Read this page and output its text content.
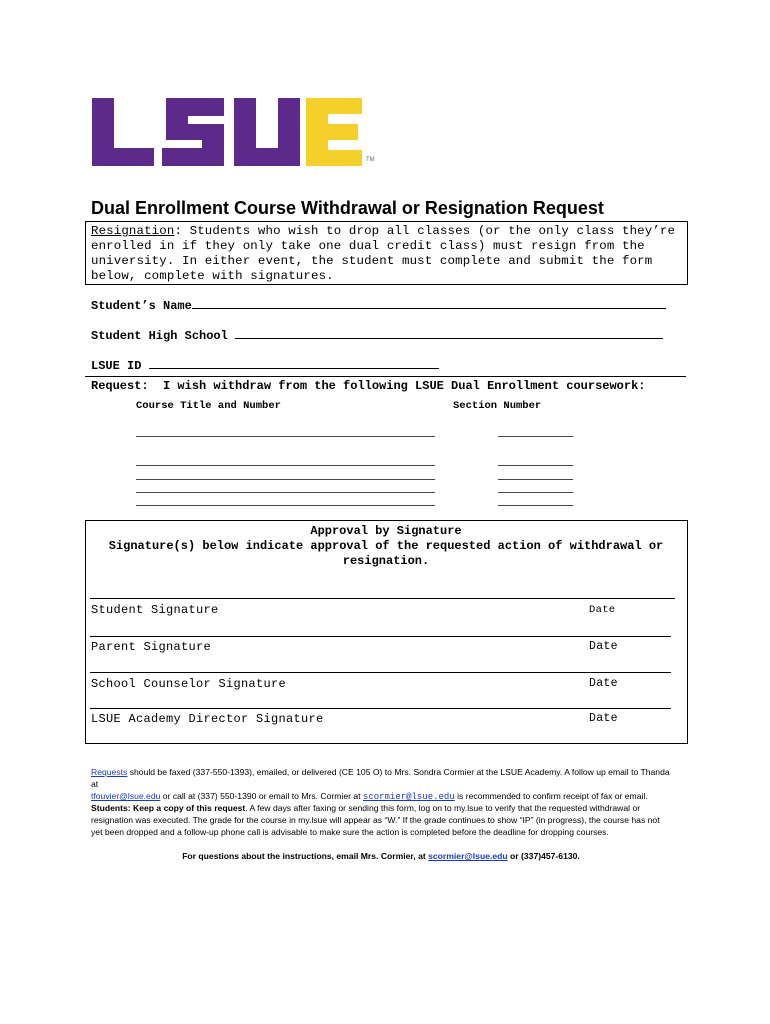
TM
Dual Enrollment Course Withdrawal or Resignation Request

Resignation: Students who wish to drop all classes (or the only class they’re
enrolled in if they only take one dual credit class) must resign from the
university. In either event, the student must complete and submit the form
below, complete with signatures.

Student’s Name
Student High School
LSUE ID
Request:  I wish withdraw from the following LSUE Dual Enrollment coursework:
Course Title and Number	Section Number
Approval by Signature
Signature(s) below indicate approval of the requested action of withdrawal or
resignation.
Student Signature	Date
Parent Signature	Date
School Counselor Signature	Date
LSUE Academy Director Signature	Date
Requests should be faxed (337-550-1393), emailed, or delivered (CE 105 O) to Mrs. Sondra Cormier at the LSUE Academy. A follow up email to Thanda at
tfouvier@lsue.edu or call at (337) 550-1390 or email to Mrs. Cormier at scormier@lsue.edu is recommended to confirm receipt of fax or email.
Students: Keep a copy of this request. A few days after faxing or sending this form, log on to my.lsue to verify that the requested withdrawal or resignation was executed. The grade for the course in my.lsue will appear as “W.” If the grade continues to show “IP” (in progress), the course has not yet been dropped and a follow-up phone call is advisable to make sure the action is completed before the deadline for dropping courses.
For questions about the instructions, email Mrs. Cormier, at scormier@lsue.edu or (337)457-6130.
